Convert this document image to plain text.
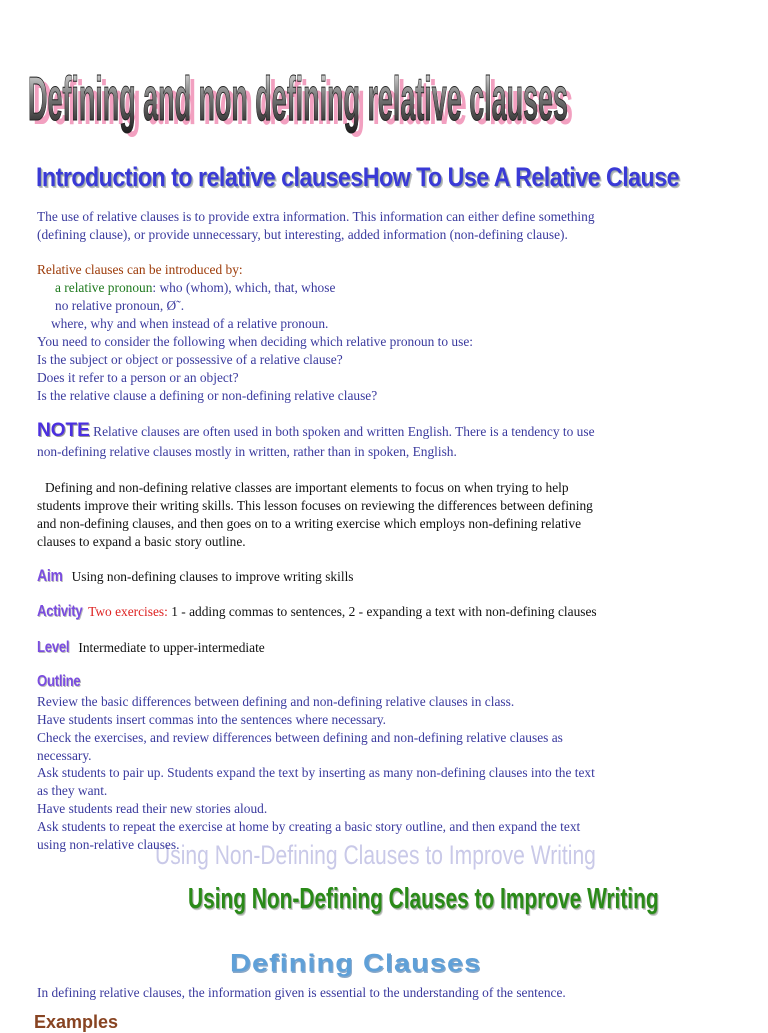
Defining and non defining relative clauses
Defining and non defining relative clauses
Introduction to relative clausesHow To Use A Relative Clause
The use of relative clauses is to provide extra information. This information can either define something
(defining clause), or provide unnecessary, but interesting, added information (non-defining clause).
Relative clauses can be introduced by:
a relative pronoun: who (whom), which, that, whose
no relative pronoun, Ø˜.
where, why and when instead of a relative pronoun.
You need to consider the following when deciding which relative pronoun to use:
Is the subject or object or possessive of a relative clause?
Does it refer to a person or an object?
Is the relative clause a defining or non-defining relative clause?
NOTE Relative clauses are often used in both spoken and written English. There is a tendency to use
non-defining relative clauses mostly in written, rather than in spoken, English.
Defining and non-defining relative classes are important elements to focus on when trying to help
students improve their writing skills. This lesson focuses on reviewing the differences between defining
and non-defining clauses, and then goes on to a writing exercise which employs non-defining relative
clauses to expand a basic story outline.
Aim Using non-defining clauses to improve writing skills
Activity Two exercises: 1 - adding commas to sentences, 2 - expanding a text with non-defining clauses
Level Intermediate to upper-intermediate
Outline
Review the basic differences between defining and non-defining relative clauses in class.
Have students insert commas into the sentences where necessary.
Check the exercises, and review differences between defining and non-defining relative clauses as
necessary.
Ask students to pair up. Students expand the text by inserting as many non-defining clauses into the text
as they want.
Have students read their new stories aloud.
Ask students to repeat the exercise at home by creating a basic story outline, and then expand the text
Using Non-Defining Clauses to Improve Writing
using non-relative clauses.
Using Non-Defining Clauses to Improve Writing
Defining Clauses
In defining relative clauses, the information given is essential to the understanding of the sentence.
Examples
